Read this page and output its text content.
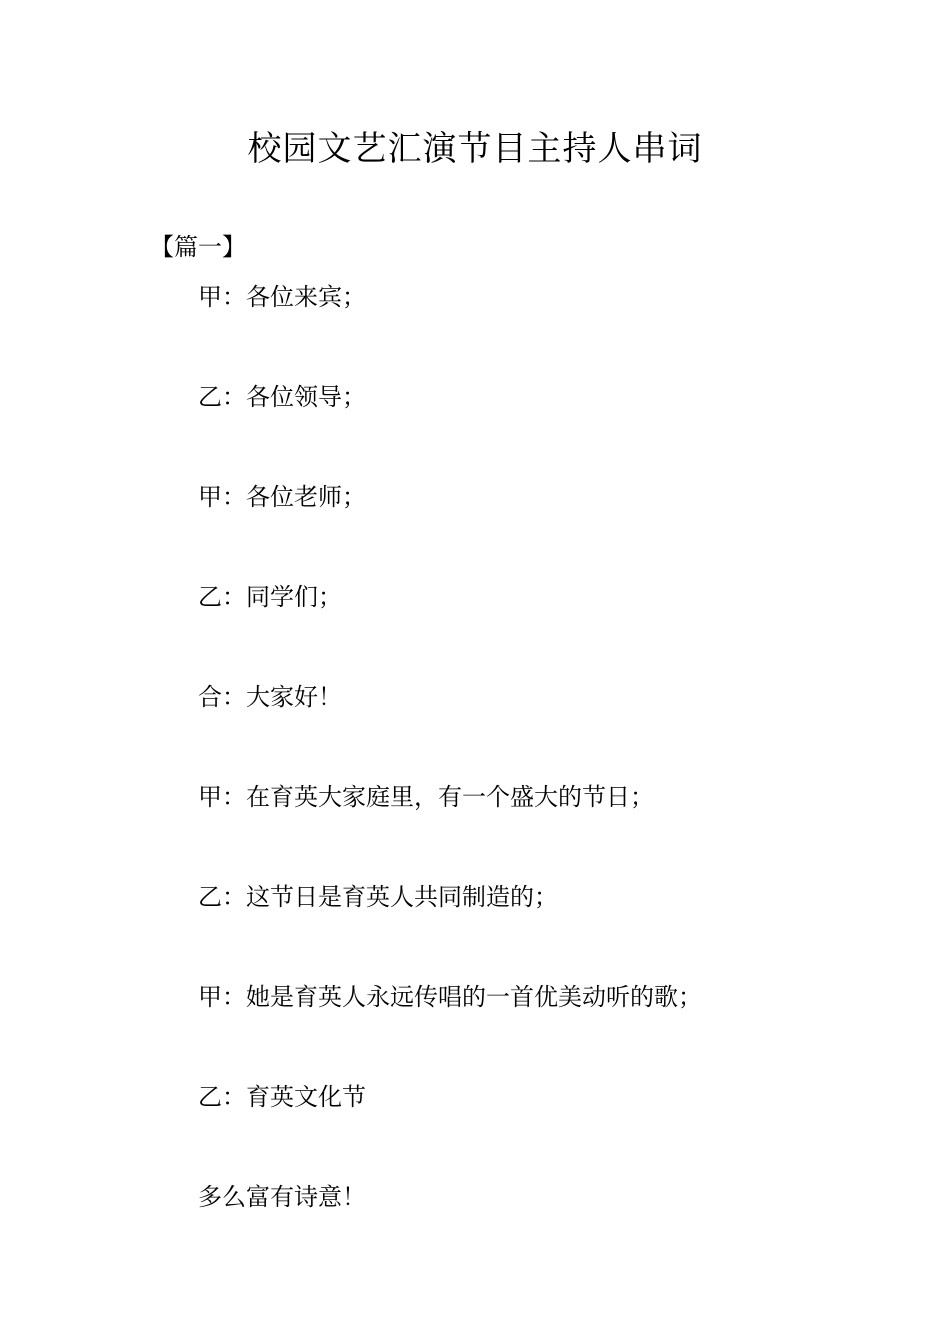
校园文艺汇演节目主持人串词
【篇一】
甲：各位来宾；
乙：各位领导；
甲：各位老师；
乙：同学们；
合：大家好！
甲：在育英大家庭里，有一个盛大的节日；
乙：这节日是育英人共同制造的；
甲：她是育英人永远传唱的一首优美动听的歌；
乙：育英文化节
多么富有诗意！
